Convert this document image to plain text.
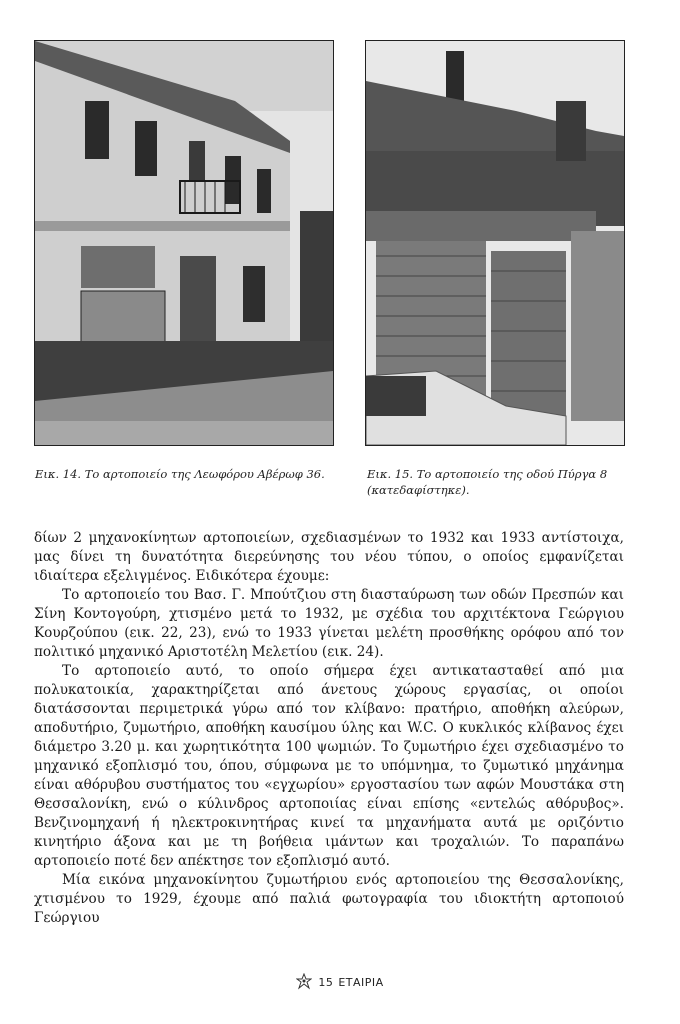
Εικ. 14. Το αρτοποιείο της Λεωφόρου Αβέρωφ 36.	Εικ. 15. Το αρτοποιείο της οδού Πύργα 8 (κατεδαφίστηκε).

δίων 2 μηχανοκίνητων αρτοποιείων, σχεδιασμένων το 1932 και 1933 αντίστοιχα, μας δίνει τη δυνατότητα διερεύνησης του νέου τύπου, ο οποίος εμφανίζεται ιδιαίτερα εξελιγμένος. Ειδικότερα έχουμε:

Το αρτοποιείο του Βασ. Γ. Μπούτζιου στη διασταύρωση των οδών Πρεσπών και Σίνη Κοντογούρη, χτισμένο μετά το 1932, με σχέδια του αρχιτέκτονα Γεώργιου Κουρζούπου (εικ. 22, 23), ενώ το 1933 γίνεται μελέτη προσθήκης ορόφου από τον πολιτικό μηχανικό Αριστοτέλη Μελετίου (εικ. 24).

Το αρτοποιείο αυτό, το οποίο σήμερα έχει αντικατασταθεί από μια πολυκατοικία, χαρακτηρίζεται από άνετους χώρους εργασίας, οι οποίοι διατάσσονται περιμετρικά γύρω από τον κλίβανο: πρατήριο, αποθήκη αλεύρων, αποδυτήριο, ζυμωτήριο, αποθήκη καυσίμου ύλης και W.C. Ο κυκλικός κλίβανος έχει διάμετρο 3.20 μ. και χωρητικότητα 100 ψωμιών. Το ζυμωτήριο έχει σχεδιασμένο το μηχανικό εξοπλισμό του, όπου, σύμφωνα με το υπόμνημα, το ζυμωτικό μηχάνημα είναι αθόρυβου συστήματος του «εγχωρίου» εργοστασίου των αφών Μουστάκα στη Θεσσαλονίκη, ενώ ο κύλινδρος αρτοποιίας είναι επίσης «εντελώς αθόρυβος». Βενζινομηχανή ή ηλεκτροκινητήρας κινεί τα μηχανήματα αυτά με οριζόντιο κινητήριο άξονα και με τη βοήθεια ιμάντων και τροχαλιών. Το παραπάνω αρτοποιείο ποτέ δεν απέκτησε τον εξοπλισμό αυτό.

Μία εικόνα μηχανοκίνητου ζυμωτήριου ενός αρτοποιείου της Θεσσαλονίκης, χτισμένου το 1929, έχουμε από παλιά φωτογραφία του ιδιοκτήτη αρτοποιού Γεώργιου

15 ΕΤΑΙΡΙΑ
